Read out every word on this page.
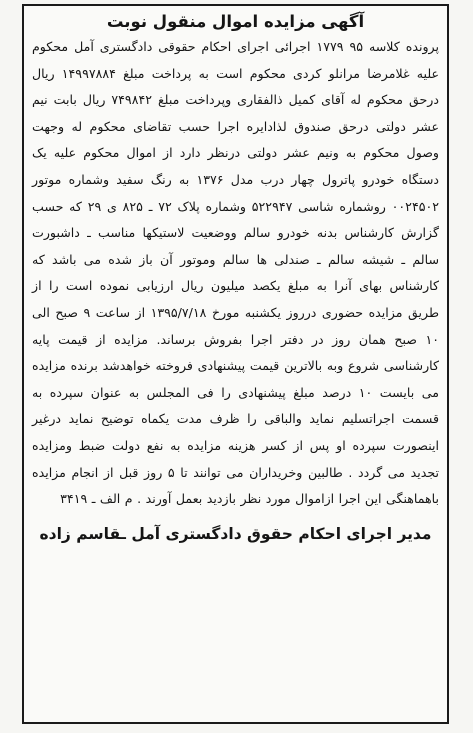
آگهی مزایده اموال منقول نوبت
پرونده کلاسه ۹۵ ۱۷۷۹ اجرائی اجرای احکام حقوقی دادگستری آمل محکوم علیه غلامرضا مرانلو کردی محکوم است به پرداخت مبلغ ۱۴۹۹۷۸۸۴ ریال درحق محکوم له آقای کمیل ذالفقاری وپرداخت مبلغ ۷۴۹۸۴۲ ریال بابت نیم عشر دولتی درحق صندوق لذادایره اجرا حسب تقاضای محکوم له وجهت وصول محکوم به ونیم عشر دولتی درنظر دارد از اموال محکوم علیه یک دستگاه خودرو پاترول چهار درب مدل ۱۳۷۶ به رنگ سفید وشماره موتور ۰۰۲۴۵۰۲ روشماره شاسی ۵۲۲۹۴۷ وشماره پلاک ۷۲ ـ ۸۲۵ ی ۲۹ که حسب گزارش کارشناس بدنه خودرو سالم ووضعیت لاستیکها مناسب ـ داشبورت سالم ـ شیشه سالم ـ صندلی ها سالم وموتور آن باز شده می باشد که کارشناس بهای آنرا به مبلغ یکصد میلیون ریال ارزیابی نموده است را از طریق مزایده حضوری درروز یکشنبه مورخ ۱۳۹۵/۷/۱۸ از ساعت ۹ صبح الی ۱۰ صبح همان روز در دفتر اجرا بفروش برساند. مزایده از قیمت پایه کارشناسی شروع وبه بالاترین قیمت پیشنهادی فروخته خواهدشد برنده مزایده می بایست ۱۰ درصد مبلغ پیشنهادی را فی المجلس به عنوان سپرده به قسمت اجراتسلیم نماید والباقی را ظرف مدت یکماه توضیح نماید درغیر اینصورت سپرده او پس از کسر هزینه مزایده به نفع دولت ضبط ومزایده تجدید می گردد . طالبین وخریداران می توانند تا ۵ روز قبل از انجام مزایده باهماهنگی این اجرا ازاموال مورد نظر بازدید بعمل آورند . م الف ـ ۳۴۱۹
مدیر اجرای احکام حقوق دادگستری آمل ـقاسم زاده
